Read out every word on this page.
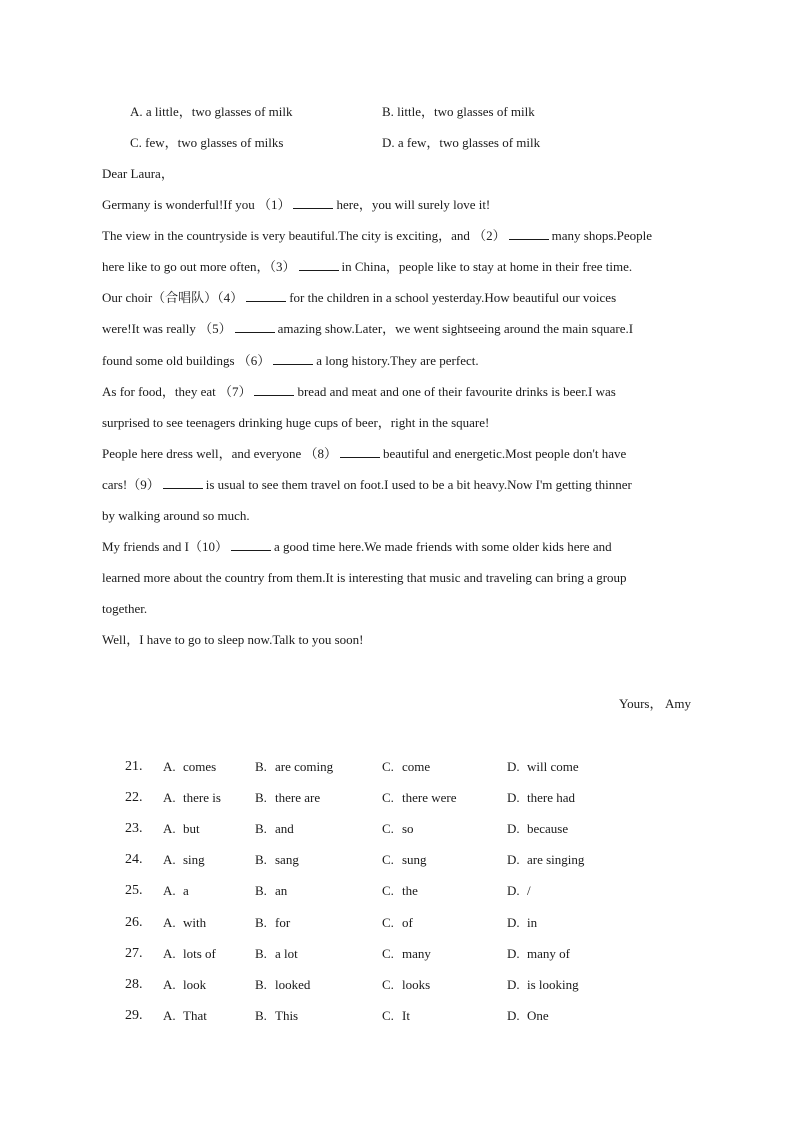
A. a little，two glasses of milk	B. little，two glasses of milk
C. few，two glasses of milks	D. a few，two glasses of milk
Dear Laura，
Germany is wonderful!If you （1）	here，you will surely love it!
The view in the countryside is very beautiful.The city is exciting，and （2）	many shops.People
here like to go out more often，（3）	in China，people like to stay at home in their free time.
Our choir（合唱队）（4）	for the children in a school yesterday.How beautiful our voices
were!It was really （5）	amazing show.Later，we went sightseeing around the main square.I
found some old buildings （6）	a long history.They are perfect.
As for food，they eat （7）	bread and meat and one of their favourite drinks is beer.I was
surprised to see teenagers drinking huge cups of beer，right in the square!
People here dress well，and everyone （8）	beautiful and energetic.Most people don't have
cars!（9）	is usual to see them travel on foot.I used to be a bit heavy.Now I'm getting thinner
by walking around so much.
My friends and I（10）	a good time here.We made friends with some older kids here and
learned more about the country from them.It is interesting that music and traveling can bring a group
together.
Well，I have to go to sleep now.Talk to you soon!
Yours， Amy
21. A. comes	B. are coming	C. come	D. will come
22. A. there is	B. there are	C. there were	D. there had
23. A. but	B. and	C. so	D. because
24. A. sing	B. sang	C. sung	D. are singing
25. A. a	B. an	C. the	D. /
26. A. with	B. for	C. of	D. in
27. A. lots of	B. a lot	C. many	D. many of
28. A. look	B. looked	C. looks	D. is looking
29. A. That	B. This	C. It	D. One
